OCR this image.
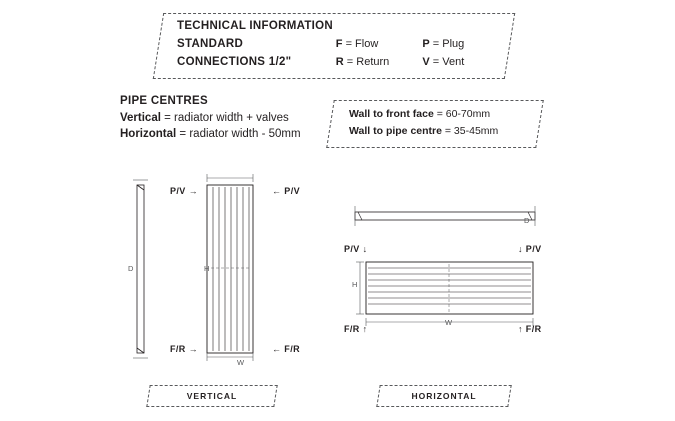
TECHNICAL INFORMATION
STANDARD	F = Flow	P = Plug
CONNECTIONS 1/2"	R = Return	V = Vent
PIPE CENTRES
Vertical = radiator width + valves
Horizontal = radiator width - 50mm
Wall to front face = 60-70mm
Wall to pipe centre = 35-45mm
P/V →	← P/V
F/R →	← F/R
W
H
D
P/V ↓	↓ P/V
F/R ↑	↑ F/R
W
H
D
VERTICAL	HORIZONTAL
